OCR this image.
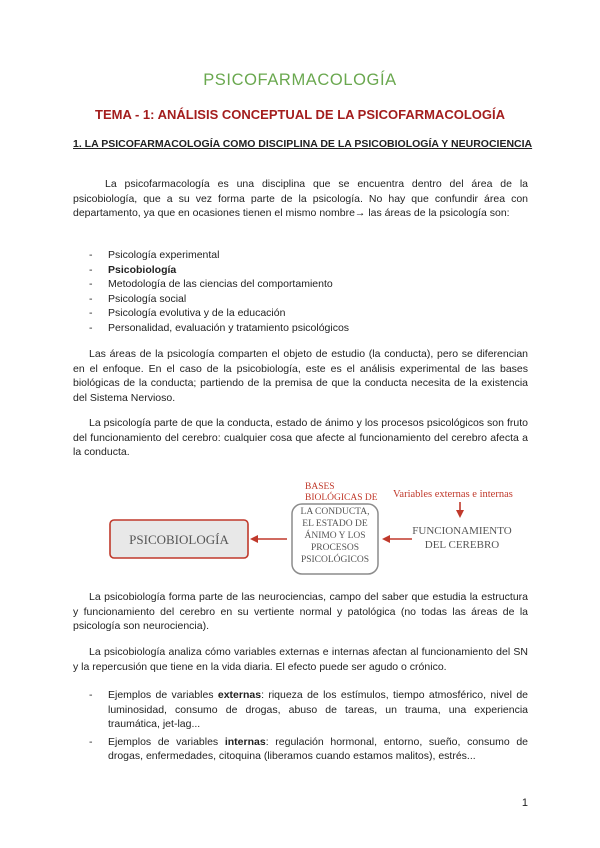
PSICOFARMACOLOGÍA
TEMA - 1: ANÁLISIS CONCEPTUAL DE LA PSICOFARMACOLOGÍA
1. LA PSICOFARMACOLOGÍA COMO DISCIPLINA DE LA PSICOBIOLOGÍA Y NEUROCIENCIA

La psicofarmacología es una disciplina que se encuentra dentro del área de la psicobiología, que a su vez forma parte de la psicología. No hay que confundir área con departamento, ya que en ocasiones tienen el mismo nombre→ las áreas de la psicología son:

- Psicología experimental
- Psicobiología
- Metodología de las ciencias del comportamiento
- Psicología social
- Psicología evolutiva y de la educación
- Personalidad, evaluación y tratamiento psicológicos

Las áreas de la psicología comparten el objeto de estudio (la conducta), pero se diferencian en el enfoque. En el caso de la psicobiología, este es el análisis experimental de las bases biológicas de la conducta; partiendo de la premisa de que la conducta necesita de la existencia del Sistema Nervioso.

La psicología parte de que la conducta, estado de ánimo y los procesos psicológicos son fruto del funcionamiento del cerebro: cualquier cosa que afecte al funcionamiento del cerebro afecta a la conducta.

PSICOBIOLOGÍA
BASES
BIOLÓGICAS DE
LA CONDUCTA,
EL ESTADO DE
ÁNIMO Y LOS
PROCESOS
PSICOLÓGICOS
Variables externas e internas
FUNCIONAMIENTO
DEL CEREBRO

La psicobiología forma parte de las neurociencias, campo del saber que estudia la estructura y funcionamiento del cerebro en su vertiente normal y patológica (no todas las áreas de la psicología son neurociencia).

La psicobiología analiza cómo variables externas e internas afectan al funcionamiento del SN y la repercusión que tiene en la vida diaria. El efecto puede ser agudo o crónico.

- Ejemplos de variables externas: riqueza de los estímulos, tiempo atmosférico, nivel de luminosidad, consumo de drogas, abuso de tareas, un trauma, una experiencia traumática, jet-lag...
- Ejemplos de variables internas: regulación hormonal, entorno, sueño, consumo de drogas, enfermedades, citoquina (liberamos cuando estamos malitos), estrés...
1
